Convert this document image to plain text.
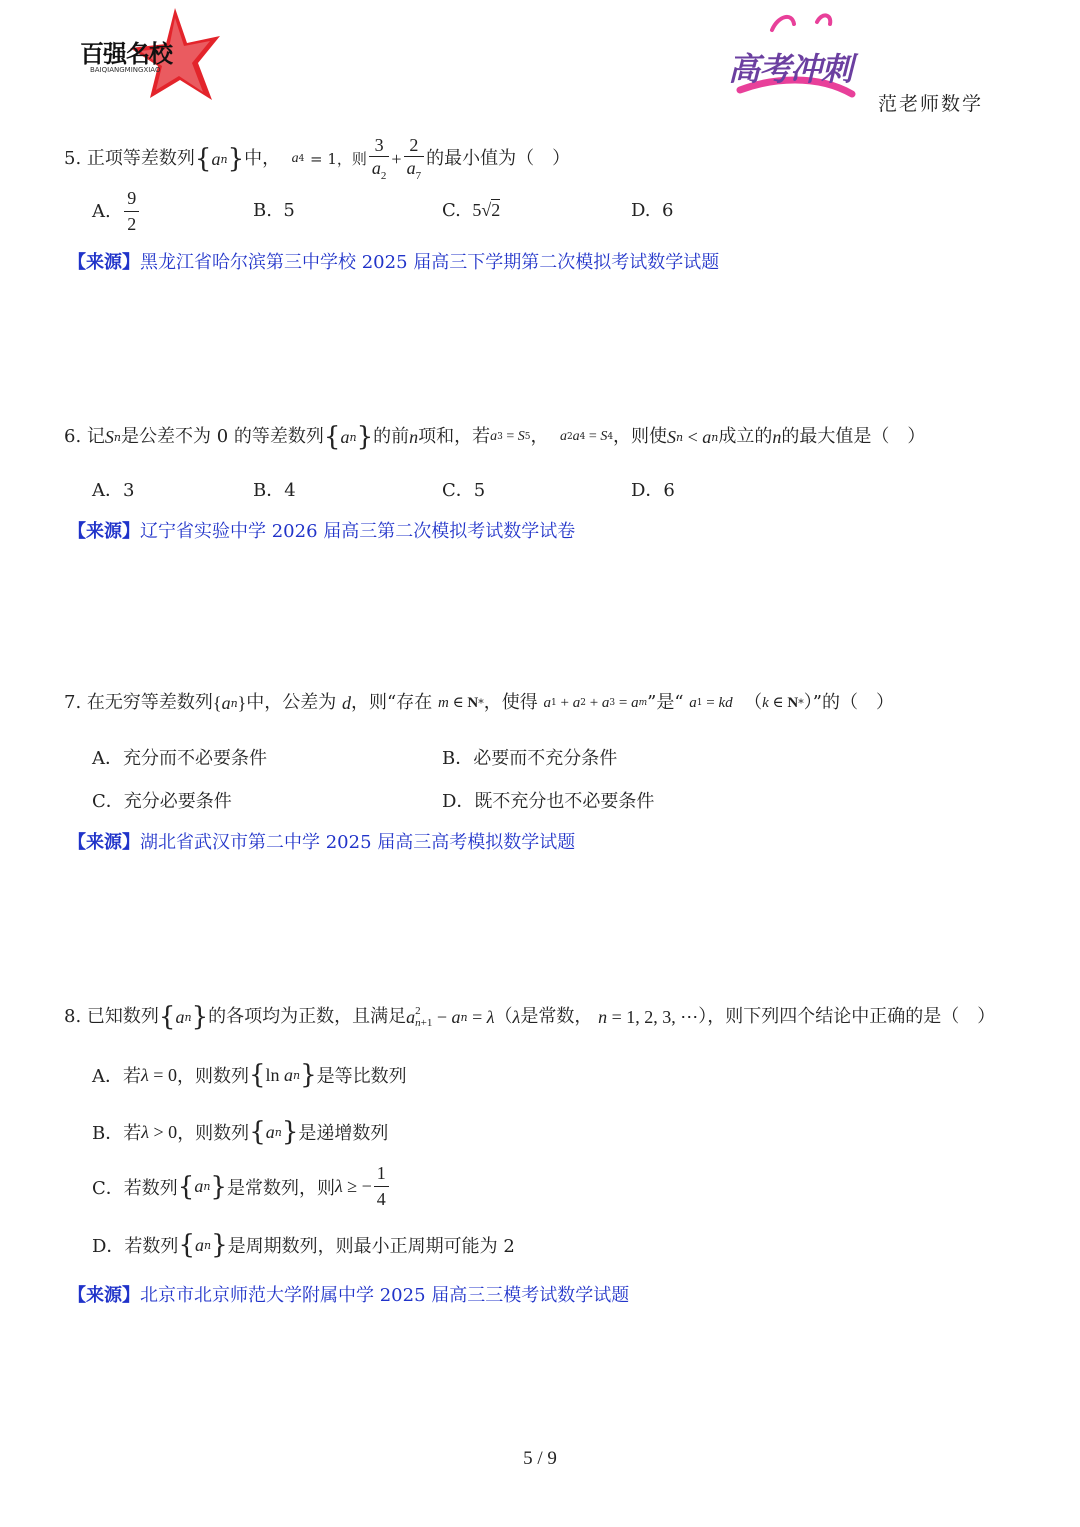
百强名校
BAIQIANGMINGXIAO	高考冲刺
范老师数学
5.
正项等差数列 { a n } 中，
a 4
= 1，则 $\frac{3}{a_2} + \frac{2}{a_7}$ 的最小值为（　）
A.
$\frac{9}{2}$	B. 5	C. 5√2	D. 6
【来源】黑龙江省哈尔滨第三中学校 2025 届高三下学期第二次模拟考试数学试题
6.
记 S n 是公差不为 0 的等差数列 { a n } 的前 n 项和，若 a 3 = S 5 ，
a 2 a 4 = S 4 ，则使 S n < a n 成立的 n 的最大值是（　）
A．3	B．4	C．5	D．6
【来源】辽宁省实验中学 2026 届高三第二次模拟考试数学试卷
7.
在无穷等差数列 { a n } 中，公差为
d ，则“存在
m ∈ N * ，使得
a 1 + a 2 + a 3 = a m ”是“
a 1 = kd
（ k ∈ N * ）”的（　）
A．充分而不必要条件	B．必要而不充分条件
C．充分必要条件	D．既不充分也不必要条件
【来源】湖北省武汉市第二中学 2025 届高三高考模拟数学试题
8.
已知数列 { a n } 的各项均为正数，且满足 a 2
n+1 − a n = λ （ λ 是常数，
n = 1, 2, 3, ⋯ ），则下列四个结论中正确的是（　）
A．若 λ = 0 ，则数列 { ln a n } 是等比数列
B．若 λ > 0 ，则数列 { a n } 是递增数列
C．若数列 { a n } 是常数列，则 λ ≥ − $\frac{1}{4}$
D．若数列 { a n } 是周期数列，则最小正周期可能为 2
【来源】北京市北京师范大学附属中学 2025 届高三三模考试数学试题
5 / 9
